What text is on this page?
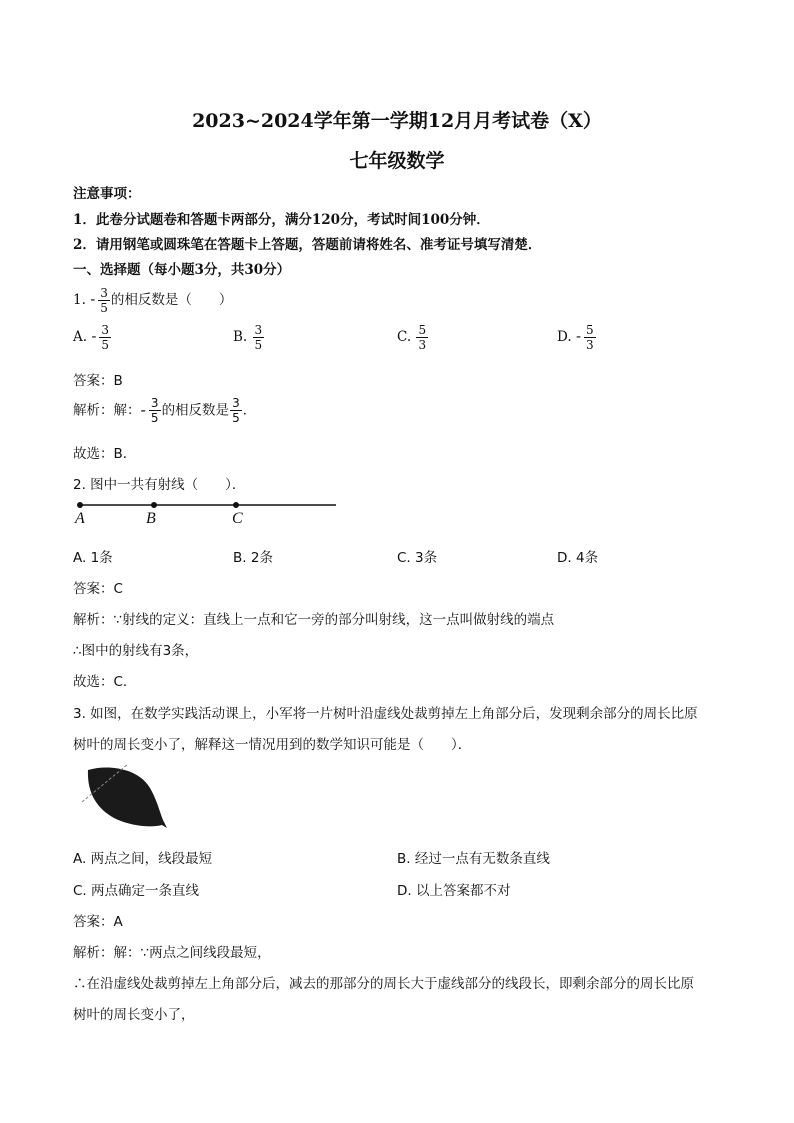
2023~2024学年第一学期12月月考试卷（X）
七年级数学
注意事项：
1．此卷分试题卷和答题卡两部分，满分120分，考试时间100分钟．
2．请用钢笔或圆珠笔在答题卡上答题，答题前请将姓名、准考证号填写清楚．
一、选择题（每小题3分，共30分）
1. - $\frac{3}{5}$ 的相反数是（　　）
A. - $\frac{3}{5}$	B. $\frac{3}{5}$	C. $\frac{5}{3}$	D. - $\frac{5}{3}$
答案：B
解析：解：- $\frac{3}{5}$ 的相反数是 $\frac{3}{5}$ ．
故选：B．
2. 图中一共有射线（　　）．
A	B	C
A. 1条	B. 2条	C. 3条	D. 4条
答案：C
解析：∵射线的定义：直线上一点和它一旁的部分叫射线，这一点叫做射线的端点
∴图中的射线有3条，
故选：C．
3. 如图，在数学实践活动课上，小军将一片树叶沿虚线处裁剪掉左上角部分后，发现剩余部分的周长比原
树叶的周长变小了，解释这一情况用到的数学知识可能是（　　）．
A. 两点之间，线段最短	B. 经过一点有无数条直线
C. 两点确定一条直线	D. 以上答案都不对
答案：A
解析：解：∵两点之间线段最短，
∴在沿虚线处裁剪掉左上角部分后，减去的那部分的周长大于虚线部分的线段长，即剩余部分的周长比原
树叶的周长变小了，
